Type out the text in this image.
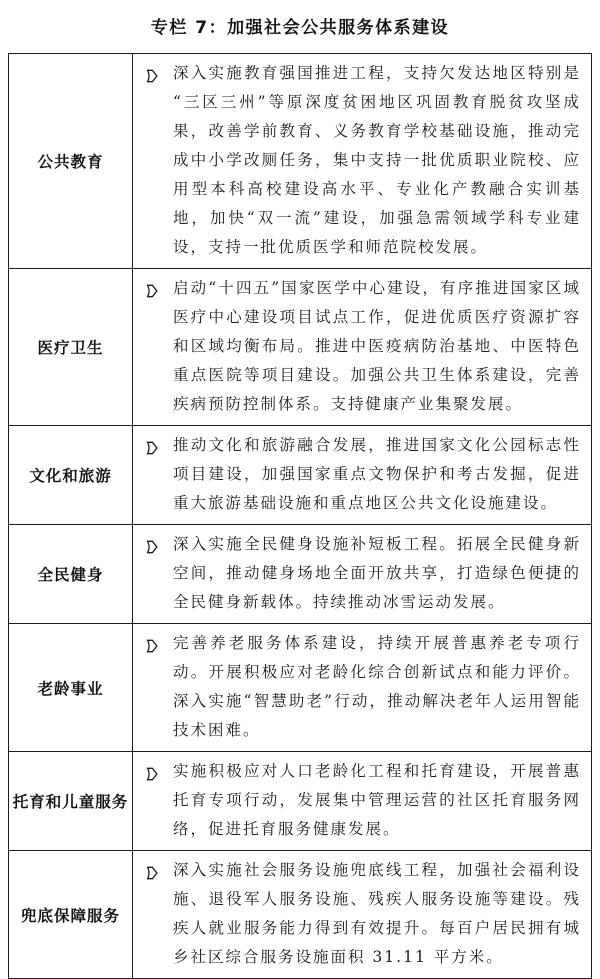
专栏 7：加强社会公共服务体系建设
公共教育

深入实施教育强国推进工程，支持欠发达地区特别是“三区三州”等原深度贫困地区巩固教育脱贫攻坚成果，改善学前教育、义务教育学校基础设施，推动完成中小学改厕任务，集中支持一批优质职业院校、应用型本科高校建设高水平、专业化产教融合实训基地，加快“双一流”建设，加强急需领域学科专业建设，支持一批优质医学和师范院校发展。

医疗卫生

启动“十四五”国家医学中心建设，有序推进国家区域医疗中心建设项目试点工作，促进优质医疗资源扩容和区域均衡布局。推进中医疫病防治基地、中医特色重点医院等项目建设。加强公共卫生体系建设，完善疾病预防控制体系。支持健康产业集聚发展。

文化和旅游

推动文化和旅游融合发展，推进国家文化公园标志性项目建设，加强国家重点文物保护和考古发掘，促进重大旅游基础设施和重点地区公共文化设施建设。

全民健身

深入实施全民健身设施补短板工程。拓展全民健身新空间，推动健身场地全面开放共享，打造绿色便捷的全民健身新载体。持续推动冰雪运动发展。

老龄事业

完善养老服务体系建设，持续开展普惠养老专项行动。开展积极应对老龄化综合创新试点和能力评价。深入实施“智慧助老”行动，推动解决老年人运用智能技术困难。

托育和儿童服务

实施积极应对人口老龄化工程和托育建设，开展普惠托育专项行动，发展集中管理运营的社区托育服务网络，促进托育服务健康发展。

兜底保障服务

深入实施社会服务设施兜底线工程，加强社会福利设施、退役军人服务设施、残疾人服务设施等建设。残疾人就业服务能力得到有效提升。每百户居民拥有城乡社区综合服务设施面积 31.11 平方米。
